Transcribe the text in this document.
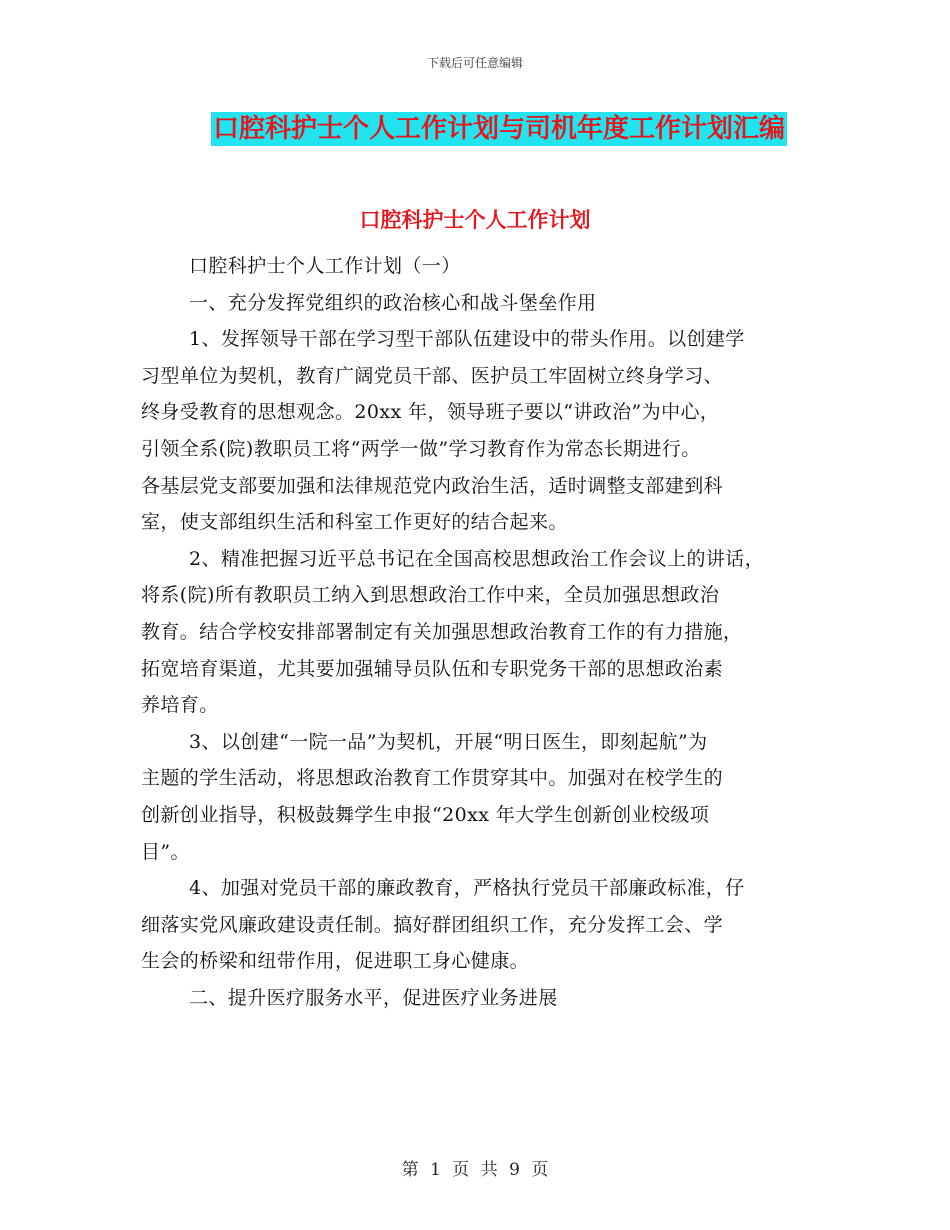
下载后可任意编辑
口腔科护士个人工作计划与司机年度工作计划汇编
口腔科护士个人工作计划
口腔科护士个人工作计划（一）
一、充分发挥党组织的政治核心和战斗堡垒作用
1、发挥领导干部在学习型干部队伍建设中的带头作用。以创建学
习型单位为契机，教育广阔党员干部、医护员工牢固树立终身学习、
终身受教育的思想观念。20xx 年，领导班子要以“讲政治”为中心，
引领全系(院)教职员工将“两学一做”学习教育作为常态长期进行。
各基层党支部要加强和法律规范党内政治生活，适时调整支部建到科
室，使支部组织生活和科室工作更好的结合起来。
2、精准把握习近平总书记在全国高校思想政治工作会议上的讲话，
将系(院)所有教职员工纳入到思想政治工作中来，全员加强思想政治
教育。结合学校安排部署制定有关加强思想政治教育工作的有力措施，
拓宽培育渠道，尤其要加强辅导员队伍和专职党务干部的思想政治素
养培育。
3、以创建“一院一品”为契机，开展“明日医生，即刻起航”为
主题的学生活动，将思想政治教育工作贯穿其中。加强对在校学生的
创新创业指导，积极鼓舞学生申报“20xx 年大学生创新创业校级项
目”。
4、加强对党员干部的廉政教育，严格执行党员干部廉政标准，仔
细落实党风廉政建设责任制。搞好群团组织工作，充分发挥工会、学
生会的桥梁和纽带作用，促进职工身心健康。
二、提升医疗服务水平，促进医疗业务进展
第 1 页 共 9 页
